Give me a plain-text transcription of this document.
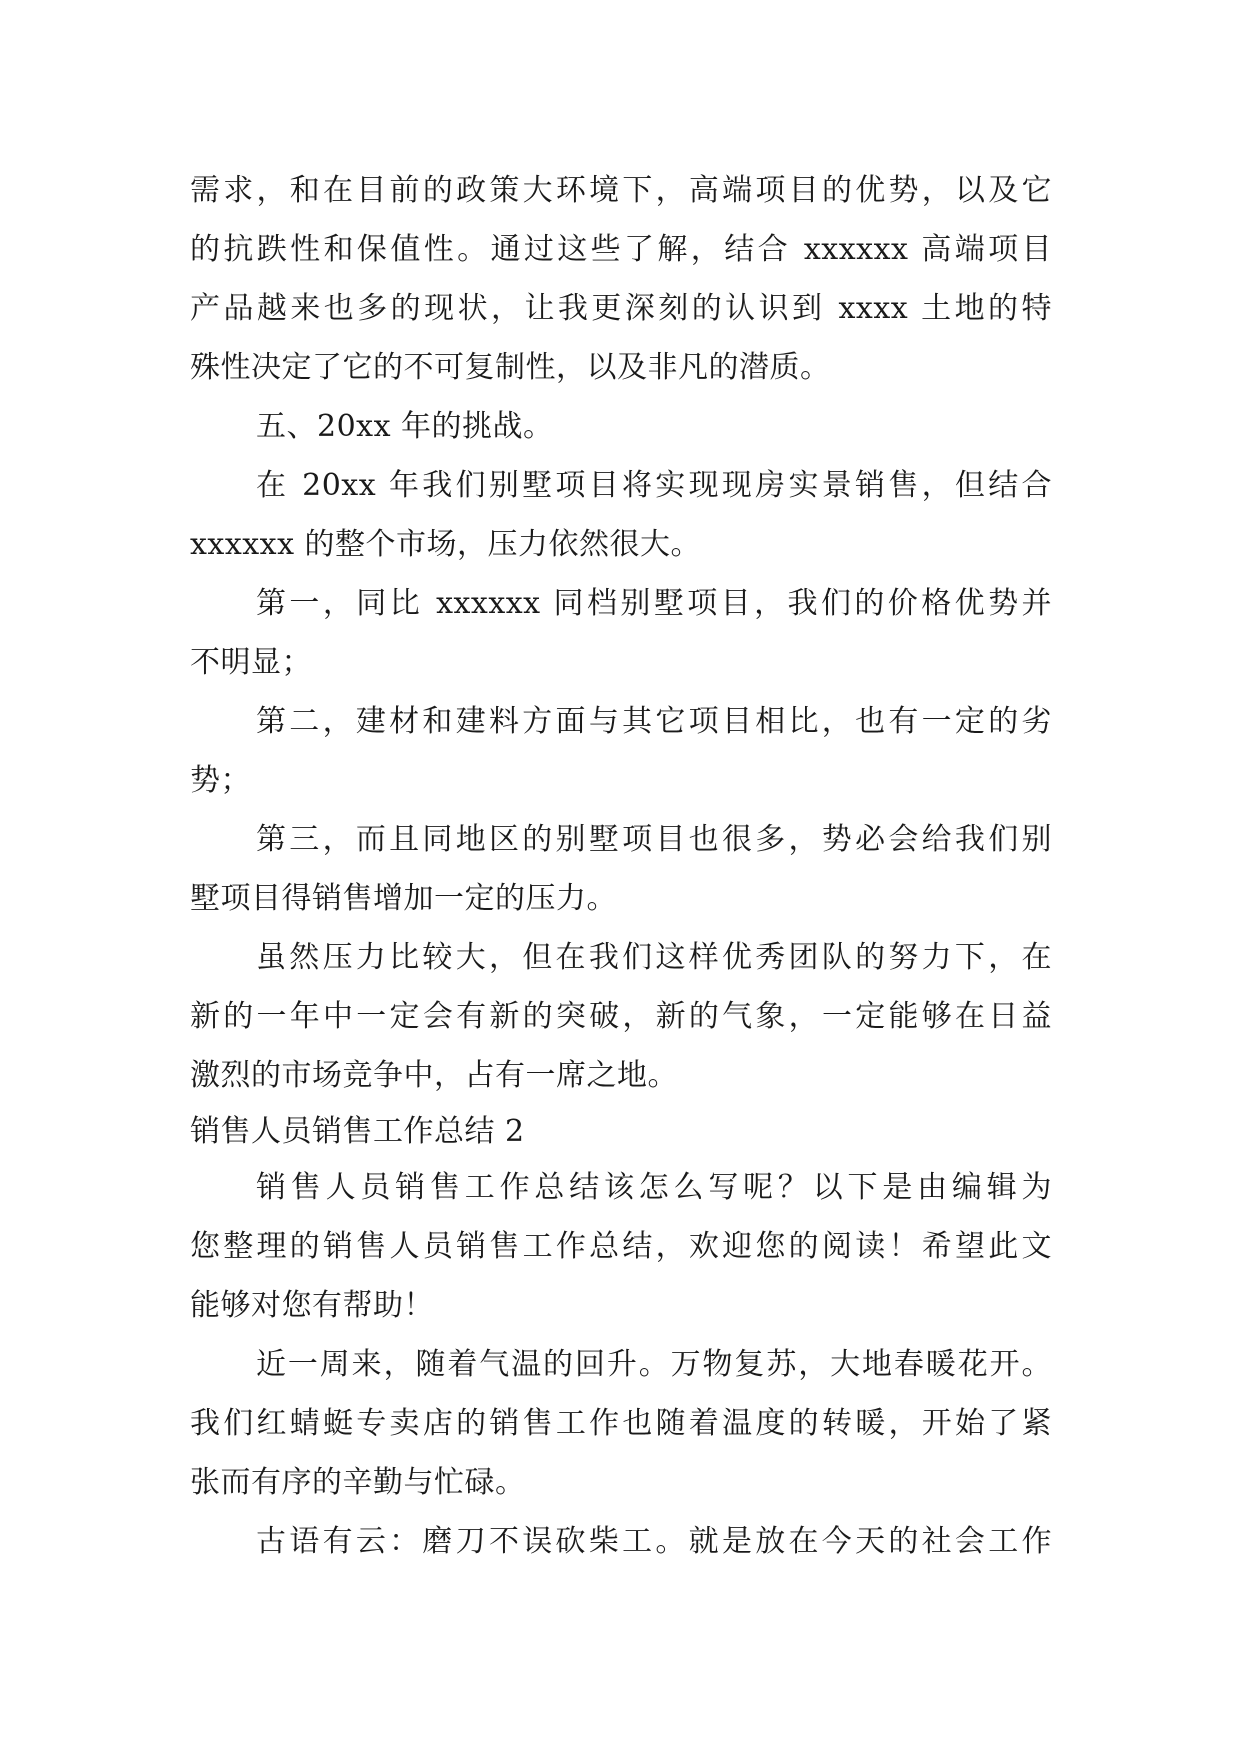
需求，和在目前的政策大环境下，高端项目的优势，以及它
的抗跌性和保值性。通过这些了解，结合 xxxxxx 高端项目
产品越来也多的现状，让我更深刻的认识到 xxxx 土地的特
殊性决定了它的不可复制性，以及非凡的潜质。
五、20xx 年的挑战。
在 20xx 年我们别墅项目将实现现房实景销售，但结合
xxxxxx 的整个市场，压力依然很大。
第一，同比 xxxxxx 同档别墅项目，我们的价格优势并
不明显；
第二，建材和建料方面与其它项目相比，也有一定的劣
势；
第三，而且同地区的别墅项目也很多，势必会给我们别
墅项目得销售增加一定的压力。
虽然压力比较大，但在我们这样优秀团队的努力下，在
新的一年中一定会有新的突破，新的气象，一定能够在日益
激烈的市场竞争中，占有一席之地。
销售人员销售工作总结 2
销售人员销售工作总结该怎么写呢？以下是由编辑为
您整理的销售人员销售工作总结，欢迎您的阅读！希望此文
能够对您有帮助！
近一周来，随着气温的回升。万物复苏，大地春暖花开。
我们红蜻蜓专卖店的销售工作也随着温度的转暖，开始了紧
张而有序的辛勤与忙碌。
古语有云：磨刀不误砍柴工。就是放在今天的社会工作
